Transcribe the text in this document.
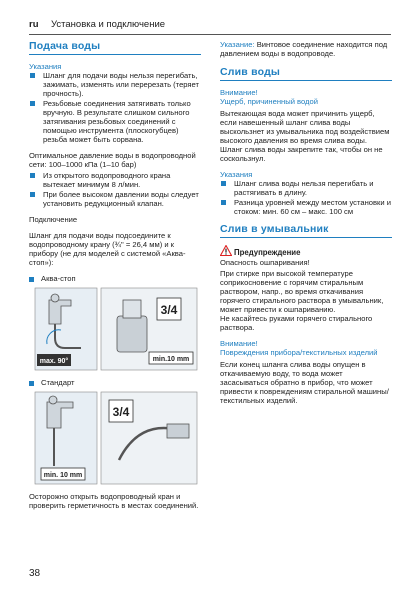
ru Установка и подключение
Подача воды
Указания
Шланг для подачи воды нельзя перегибать, зажимать, изменять или перерезать (теряет прочность).
Резьбовые соединения затягивать только вручную. В результате слишком сильного затягивания резьбовых соединений с помощью инструмента (плоскогубцев) резьба может быть сорвана.

Оптимальное давление воды в водопроводной сети: 100–1000 кПа (1–10 бар)

Из открытого водопроводного крана вытекает минимум 8 л/мин.
При более высоком давлении воды следует установить редукционный клапан.

Подключение

Шланг для подачи воды подсоедините к водопроводному крану (¾" = 26,4 мм) и к прибору (не для моделей с системой «Аква-стоп»):

Аква-стоп

max. 90°
3/4
min.10 mm

Стандарт

min. 10 mm
3/4

Осторожно открыть водопроводный кран и проверить герметичность в местах соединений.

Указание: Винтовое соединение находится под давлением воды в водопроводе.

Слив воды
Внимание!
Ущерб, причиненный водой

Вытекающая вода может причинить ущерб, если навешенный шланг слива воды выскользнет из умывальника под воздействием высокого давления во время слива воды.

Шланг слива воды закрепите так, чтобы он не соскользнул.

Указания
Шланг слива воды нельзя перегибать и растягивать в длину.
Разница уровней между местом установки и стоком: мин. 60 см – макс. 100 см
Слив в умывальник
Предупреждение

Опасность ошпаривания!

При стирке при высокой температуре соприкосновение с горячим стиральным раствором, напр., во время откачивания горячего стирального раствора в умывальник, может привести к ошпариванию.

Не касайтесь руками горячего стирального раствора.

Внимание!
Повреждения прибора/текстильных изделий

Если конец шланга слива воды опущен в откачиваемую воду, то вода может засасываться обратно в прибор, что может привести к повреждениям стиральной машины/текстильных изделий.

38
